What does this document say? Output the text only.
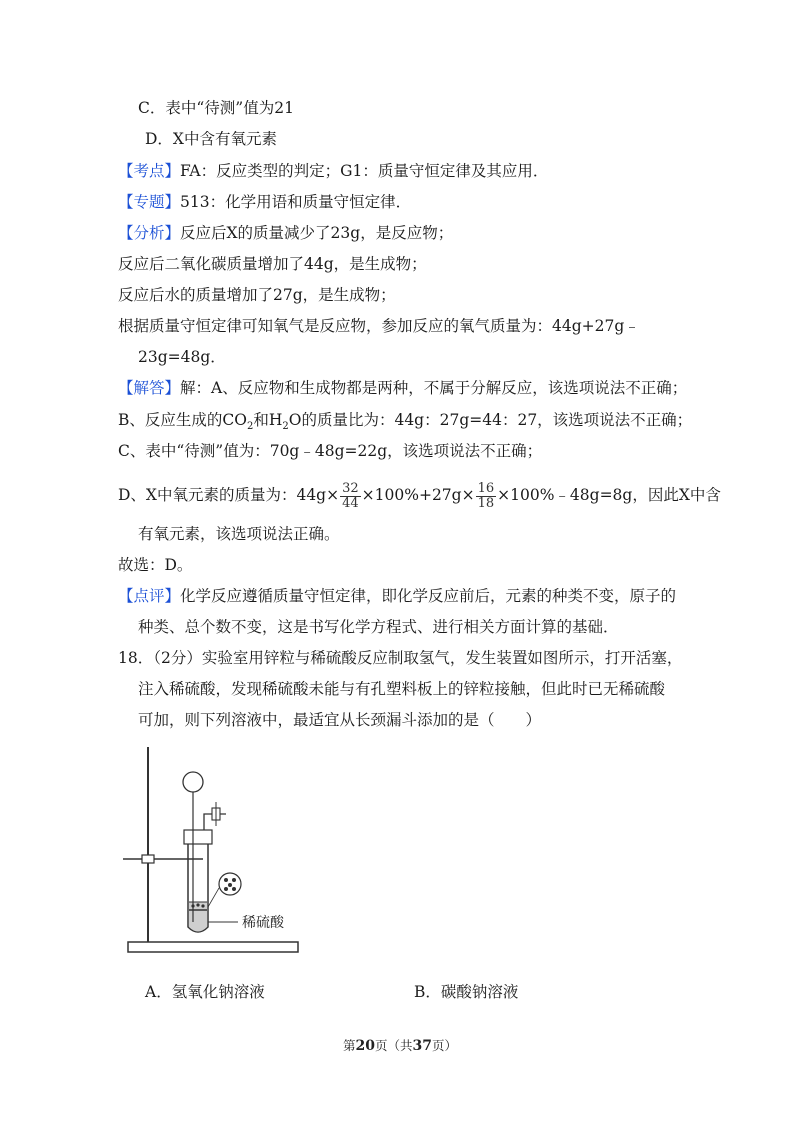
C．表中“待测”值为21
D．X中含有氧元素
【考点】FA：反应类型的判定；G1：质量守恒定律及其应用．
【专题】513：化学用语和质量守恒定律．
【分析】反应后X的质量减少了23g，是反应物；
反应后二氧化碳质量增加了44g，是生成物；
反应后水的质量增加了27g，是生成物；
根据质量守恒定律可知氧气是反应物，参加反应的氧气质量为：44g+27g﹣
23g=48g．
【解答】解：A、反应物和生成物都是两种，不属于分解反应，该选项说法不正确；
B、反应生成的$CO_2$和$H_2O$的质量比为：44g：27g=44：27，该选项说法不正确；
C、表中“待测”值为：70g﹣48g=22g，该选项说法不正确；
D、X中氧元素的质量为：$44g\times \frac{32}{44} \times 100\%+27g\times \frac{16}{18}$ ×100%﹣48g=8g，因此X中含
有氧元素，该选项说法正确。
故选：D。
【点评】化学反应遵循质量守恒定律，即化学反应前后，元素的种类不变，原子的
种类、总个数不变，这是书写化学方程式、进行相关方面计算的基础．
18．（2分）实验室用锌粒与稀硫酸反应制取氢气，发生装置如图所示，打开活塞，
注入稀硫酸，发现稀硫酸未能与有孔塑料板上的锌粒接触，但此时已无稀硫酸
可加，则下列溶液中，最适宜从长颈漏斗添加的是（　　）
稀硫酸
A．氢氧化钠溶液	B．碳酸钠溶液
第20页（共37页）
